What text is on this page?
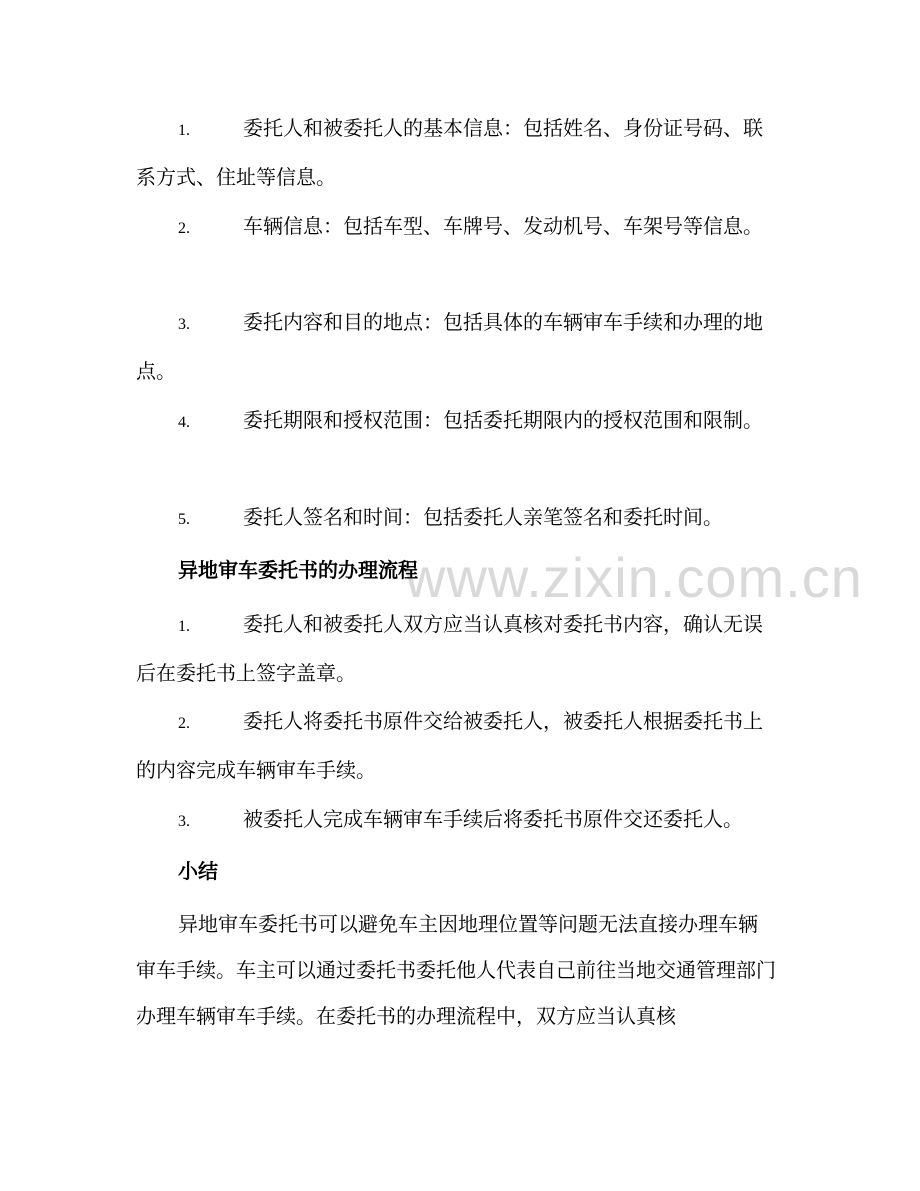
www.zixin.com.cn
1.	委托人和被委托人的基本信息：包括姓名、身份证号码、联系方式、住址等信息。
2.	车辆信息：包括车型、车牌号、发动机号、车架号等信息。
3.	委托内容和目的地点：包括具体的车辆审车手续和办理的地点。
4.	委托期限和授权范围：包括委托期限内的授权范围和限制。
5.	委托人签名和时间：包括委托人亲笔签名和委托时间。
异地审车委托书的办理流程
1.	委托人和被委托人双方应当认真核对委托书内容，确认无误后在委托书上签字盖章。
2.	委托人将委托书原件交给被委托人，被委托人根据委托书上的内容完成车辆审车手续。
3.	被委托人完成车辆审车手续后将委托书原件交还委托人。
小结
异地审车委托书可以避免车主因地理位置等问题无法直接办理车辆审车手续。车主可以通过委托书委托他人代表自己前往当地交通管理部门办理车辆审车手续。在委托书的办理流程中，双方应当认真核
